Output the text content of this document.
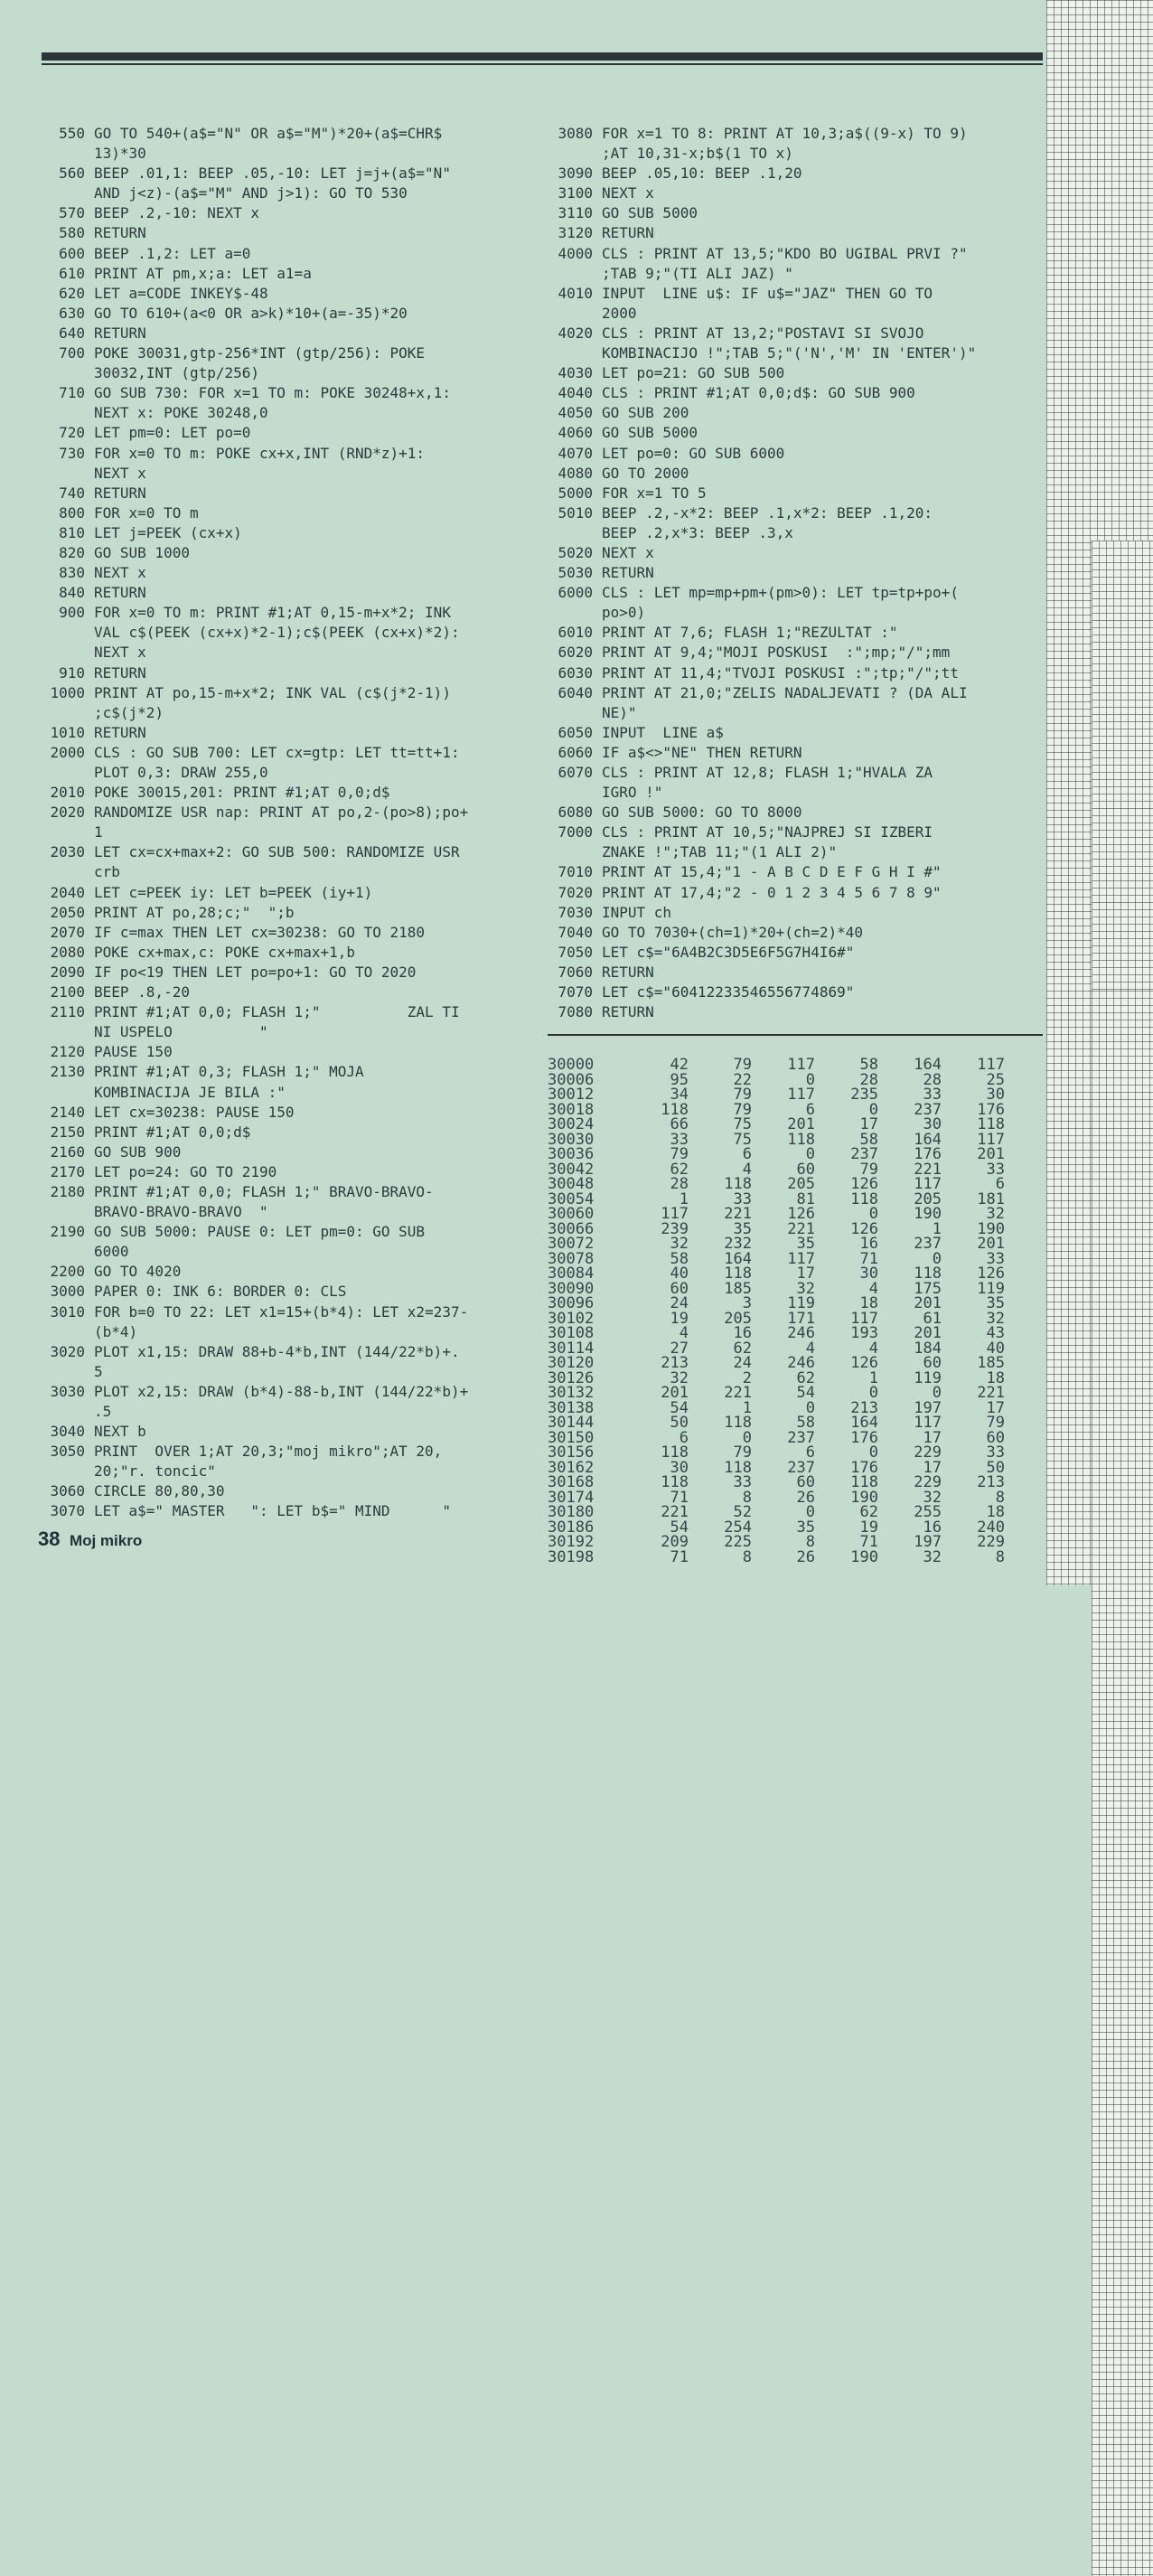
550 GO TO 540+(a$="N" OR a$="M")*20+(a$=CHR$
13)*30
560 BEEP .01,1: BEEP .05,-10: LET j=j+(a$="N"
AND j<z)-(a$="M" AND j>1): GO TO 530
570 BEEP .2,-10: NEXT x
580 RETURN
600 BEEP .1,2: LET a=0
610 PRINT AT pm,x;a: LET a1=a
620 LET a=CODE INKEY$-48
630 GO TO 610+(a<0 OR a>k)*10+(a=-35)*20
640 RETURN
700 POKE 30031,gtp-256*INT (gtp/256): POKE
30032,INT (gtp/256)
710 GO SUB 730: FOR x=1 TO m: POKE 30248+x,1:
NEXT x: POKE 30248,0
720 LET pm=0: LET po=0
730 FOR x=0 TO m: POKE cx+x,INT (RND*z)+1:
NEXT x
740 RETURN
800 FOR x=0 TO m
810 LET j=PEEK (cx+x)
820 GO SUB 1000
830 NEXT x
840 RETURN
900 FOR x=0 TO m: PRINT #1;AT 0,15-m+x*2; INK
VAL c$(PEEK (cx+x)*2-1);c$(PEEK (cx+x)*2):
NEXT x
910 RETURN
1000 PRINT AT po,15-m+x*2; INK VAL (c$(j*2-1))
;c$(j*2)
1010 RETURN
2000 CLS : GO SUB 700: LET cx=gtp: LET tt=tt+1:
PLOT 0,3: DRAW 255,0
2010 POKE 30015,201: PRINT #1;AT 0,0;d$
2020 RANDOMIZE USR nap: PRINT AT po,2-(po>8);po+
1
2030 LET cx=cx+max+2: GO SUB 500: RANDOMIZE USR
crb
2040 LET c=PEEK iy: LET b=PEEK (iy+1)
2050 PRINT AT po,28;c;"  ";b
2070 IF c=max THEN LET cx=30238: GO TO 2180
2080 POKE cx+max,c: POKE cx+max+1,b
2090 IF po<19 THEN LET po=po+1: GO TO 2020
2100 BEEP .8,-20
2110 PRINT #1;AT 0,0; FLASH 1;"          ZAL TI
NI USPELO          "
2120 PAUSE 150
2130 PRINT #1;AT 0,3; FLASH 1;" MOJA
KOMBINACIJA JE BILA :"
2140 LET cx=30238: PAUSE 150
2150 PRINT #1;AT 0,0;d$
2160 GO SUB 900
2170 LET po=24: GO TO 2190
2180 PRINT #1;AT 0,0; FLASH 1;" BRAVO-BRAVO-
BRAVO-BRAVO-BRAVO  "
2190 GO SUB 5000: PAUSE 0: LET pm=0: GO SUB
6000
2200 GO TO 4020
3000 PAPER 0: INK 6: BORDER 0: CLS
3010 FOR b=0 TO 22: LET x1=15+(b*4): LET x2=237-
(b*4)
3020 PLOT x1,15: DRAW 88+b-4*b,INT (144/22*b)+.
5
3030 PLOT x2,15: DRAW (b*4)-88-b,INT (144/22*b)+
.5
3040 NEXT b
3050 PRINT  OVER 1;AT 20,3;"moj mikro";AT 20,
20;"r. toncic"
3060 CIRCLE 80,80,30
3070 LET a$=" MASTER   ": LET b$=" MIND      "
3080 FOR x=1 TO 8: PRINT AT 10,3;a$((9-x) TO 9)
;AT 10,31-x;b$(1 TO x)
3090 BEEP .05,10: BEEP .1,20
3100 NEXT x
3110 GO SUB 5000
3120 RETURN
4000 CLS : PRINT AT 13,5;"KDO BO UGIBAL PRVI ?"
;TAB 9;"(TI ALI JAZ) "
4010 INPUT  LINE u$: IF u$="JAZ" THEN GO TO
2000
4020 CLS : PRINT AT 13,2;"POSTAVI SI SVOJO
KOMBINACIJO !";TAB 5;"('N','M' IN 'ENTER')"
4030 LET po=21: GO SUB 500
4040 CLS : PRINT #1;AT 0,0;d$: GO SUB 900
4050 GO SUB 200
4060 GO SUB 5000
4070 LET po=0: GO SUB 6000
4080 GO TO 2000
5000 FOR x=1 TO 5
5010 BEEP .2,-x*2: BEEP .1,x*2: BEEP .1,20:
BEEP .2,x*3: BEEP .3,x
5020 NEXT x
5030 RETURN
6000 CLS : LET mp=mp+pm+(pm>0): LET tp=tp+po+(
po>0)
6010 PRINT AT 7,6; FLASH 1;"REZULTAT :"
6020 PRINT AT 9,4;"MOJI POSKUSI  :";mp;"/";mm
6030 PRINT AT 11,4;"TVOJI POSKUSI :";tp;"/";tt
6040 PRINT AT 21,0;"ZELIS NADALJEVATI ? (DA ALI
NE)"
6050 INPUT  LINE a$
6060 IF a$<>"NE" THEN RETURN
6070 CLS : PRINT AT 12,8; FLASH 1;"HVALA ZA
IGRO !"
6080 GO SUB 5000: GO TO 8000
7000 CLS : PRINT AT 10,5;"NAJPREJ SI IZBERI
ZNAKE !";TAB 11;"(1 ALI 2)"
7010 PRINT AT 15,4;"1 - A B C D E F G H I #"
7020 PRINT AT 17,4;"2 - 0 1 2 3 4 5 6 7 8 9"
7030 INPUT ch
7040 GO TO 7030+(ch=1)*20+(ch=2)*40
7050 LET c$="6A4B2C3D5E6F5G7H4I6#"
7060 RETURN
7070 LET c$="60412233546556774869"
7080 RETURN
30000	42	79	117	58	164	117
30006	95	22	0	28	28	25
30012	34	79	117	235	33	30
30018	118	79	6	0	237	176
30024	66	75	201	17	30	118
30030	33	75	118	58	164	117
30036	79	6	0	237	176	201
30042	62	4	60	79	221	33
30048	28	118	205	126	117	6
30054	1	33	81	118	205	181
30060	117	221	126	0	190	32
30066	239	35	221	126	1	190
30072	32	232	35	16	237	201
30078	58	164	117	71	0	33
30084	40	118	17	30	118	126
30090	60	185	32	4	175	119
30096	24	3	119	18	201	35
30102	19	205	171	117	61	32
30108	4	16	246	193	201	43
30114	27	62	4	4	184	40
30120	213	24	246	126	60	185
30126	32	2	62	1	119	18
30132	201	221	54	0	0	221
30138	54	1	0	213	197	17
30144	50	118	58	164	117	79
30150	6	0	237	176	17	60
30156	118	79	6	0	229	33
30162	30	118	237	176	17	50
30168	118	33	60	118	229	213
30174	71	8	26	190	32	8
30180	221	52	0	62	255	18
30186	54	254	35	19	16	240
30192	209	225	8	71	197	229
30198	71	8	26	190	32	8
38 Moj mikro
